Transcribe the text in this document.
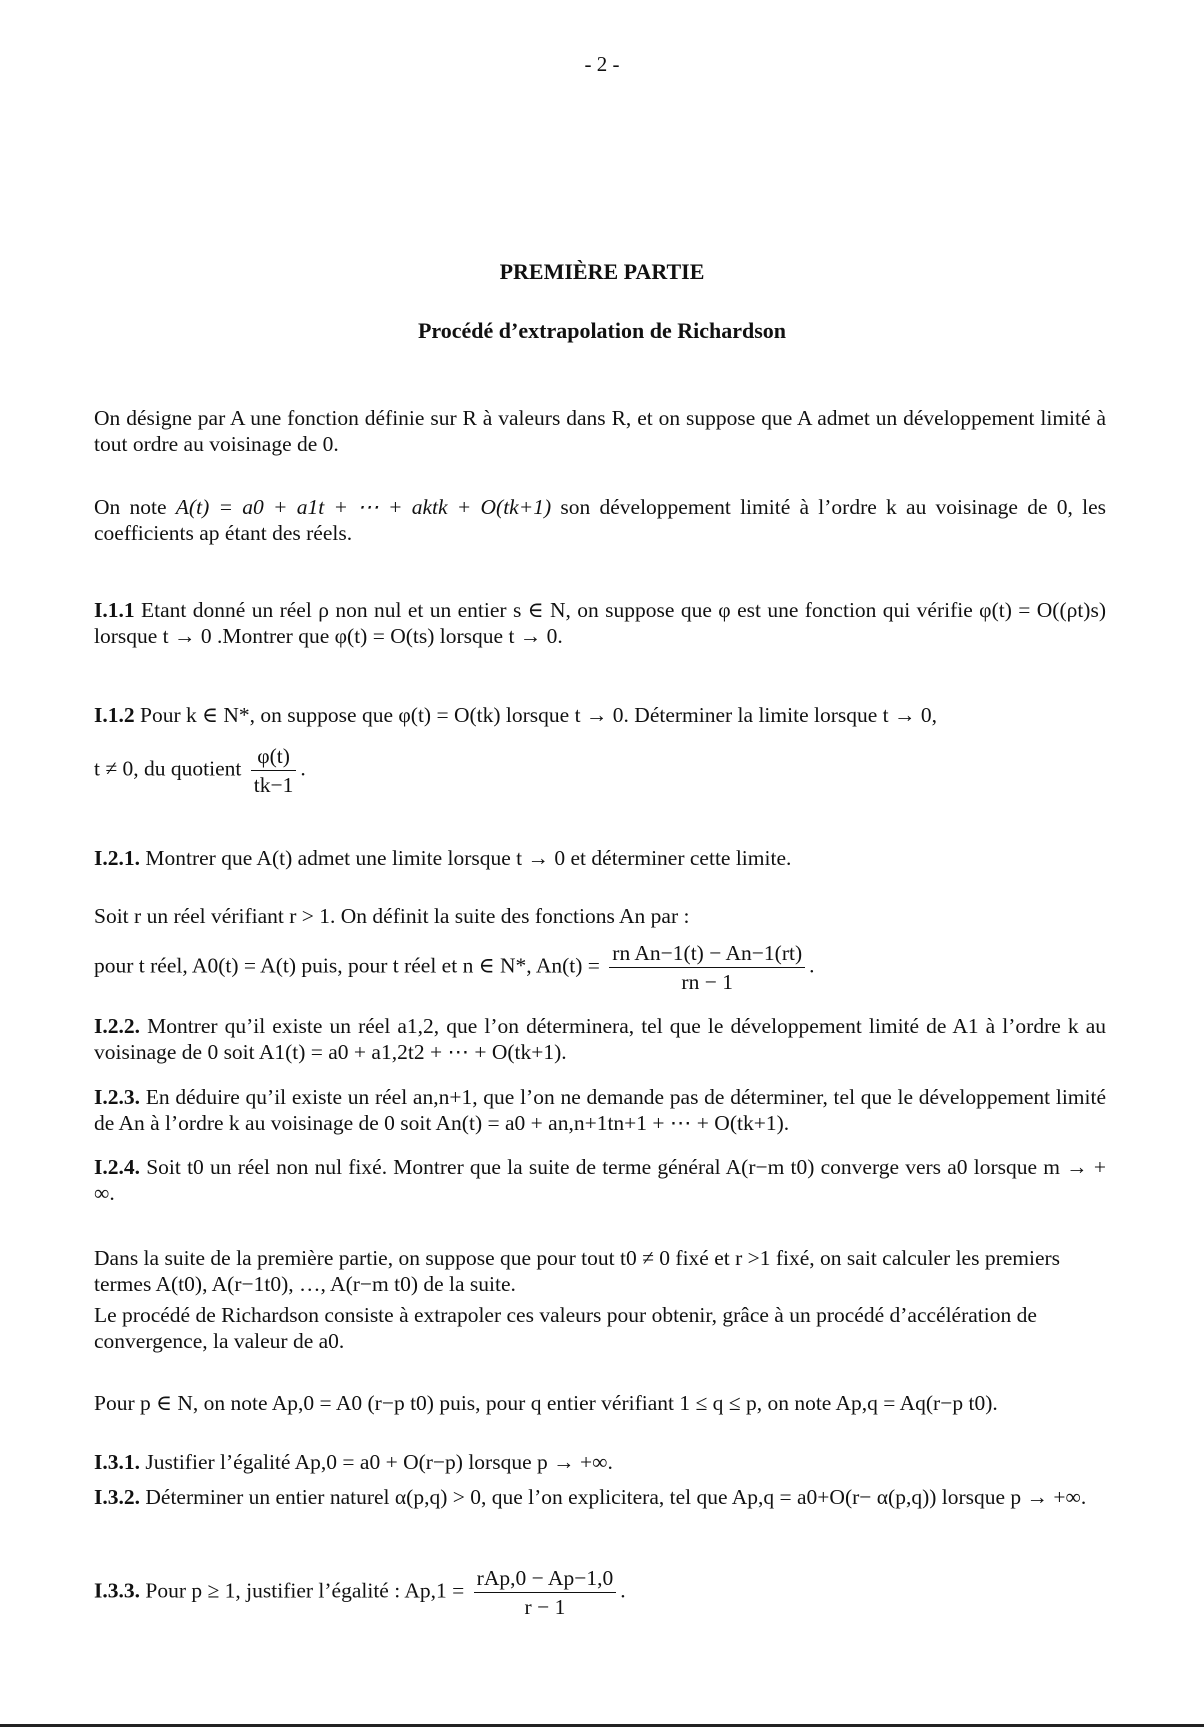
- 2 -
PREMIÈRE PARTIE
Procédé d’extrapolation de Richardson
On désigne par A une fonction définie sur R à valeurs dans R, et on suppose que A admet un développement limité à tout ordre au voisinage de 0.
On note A(t) = a0 + a1t + ⋯ + aktk + O(tk+1) son développement limité à l’ordre k au voisinage de 0, les coefficients ap étant des réels.
I.1.1 Etant donné un réel ρ non nul et un entier s ∈ N, on suppose que φ est une fonction qui vérifie φ(t) = O((ρt)s) lorsque t → 0 .Montrer que φ(t) = O(ts) lorsque t → 0.
I.1.2 Pour k ∈ N*, on suppose que φ(t) = O(tk) lorsque t → 0. Déterminer la limite lorsque t → 0,
t ≠ 0, du quotient $\frac{\varphi(t)}{tk-1}$ .
I.2.1. Montrer que A(t) admet une limite lorsque t → 0 et déterminer cette limite.
Soit r un réel vérifiant r > 1. On définit la suite des fonctions An par :
pour t réel, A0(t) = A(t) puis, pour t réel et n ∈ N*, $An(t) = \frac{\text{rn An−1(t) − An−1(rt)}}{rn - 1}$ .
I.2.2. Montrer qu’il existe un réel a1,2, que l’on déterminera, tel que le développement limité de A1 à l’ordre k au voisinage de 0 soit A1(t) = a0 + a1,2t2 + ⋯ + O(tk+1).
I.2.3. En déduire qu’il existe un réel an,n+1, que l’on ne demande pas de déterminer, tel que le développement limité de An à l’ordre k au voisinage de 0 soit An(t) = a0 + an,n+1tn+1 + ⋯ + O(tk+1).
I.2.4. Soit t0 un réel non nul fixé. Montrer que la suite de terme général A(r−m t0) converge vers a0 lorsque m → + ∞.
Dans la suite de la première partie, on suppose que pour tout t0 ≠ 0 fixé et r >1 fixé, on sait calculer les premiers termes A(t0), A(r−1t0), …, A(r−m t0) de la suite.
Le procédé de Richardson consiste à extrapoler ces valeurs pour obtenir, grâce à un procédé d’accélération de convergence, la valeur de a0.
Pour p ∈ N, on note Ap,0 = A0 (r−p t0) puis, pour q entier vérifiant 1 ≤ q ≤ p, on note Ap,q = Aq(r−p t0).
I.3.1. Justifier l’égalité Ap,0 = a0 + O(r−p) lorsque p → +∞.
I.3.2. Déterminer un entier naturel α(p,q) > 0, que l’on explicitera, tel que Ap,q = a0+O(r− α(p,q)) lorsque p → +∞.
I.3.3. Pour p ≥ 1, justifier l’égalité : $Ap,1 = \frac{\text{rAp,0 − Ap−1,0}}{r - 1}$ .
